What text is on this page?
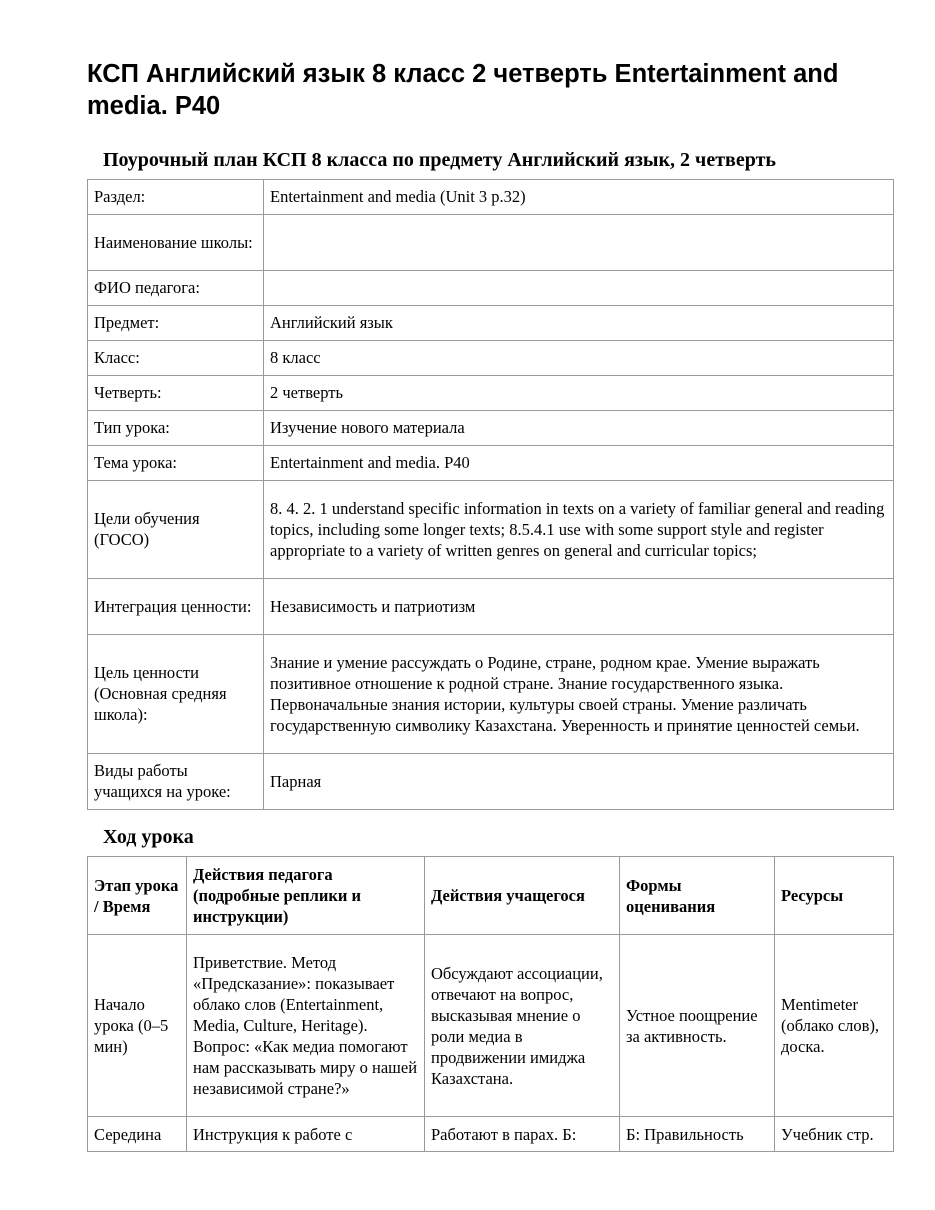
КСП Английский язык 8 класс 2 четверть Entertainment and media. P40
Поурочный план КСП 8 класса по предмету Английский язык, 2 четверть
Раздел:	Entertainment and media (Unit 3 p.32)
Наименование школы:	
ФИО педагога:	
Предмет:	Английский язык
Класс:	8 класс
Четверть:	2 четверть
Тип урока:	Изучение нового материала
Тема урока:	Entertainment and media. P40
Цели обучения (ГОСО)	8. 4. 2. 1 understand specific information in texts on a variety of familiar general and reading topics, including some longer texts; 8.5.4.1 use with some support style and register appropriate to a variety of written genres on general and curricular topics;
Интеграция ценности:	Независимость и патриотизм
Цель ценности (Основная средняя школа):	Знание и умение рассуждать о Родине, стране, родном крае. Умение выражать позитивное отношение к родной стране. Знание государственного языка. Первоначальные знания истории, культуры своей страны. Умение различать государственную символику Казахстана. Уверенность и принятие ценностей семьи.
Виды работы учащихся на уроке:	Парная
Ход урока
Этап урока / Время	Действия педагога (подробные реплики и инструкции)	Действия учащегося	Формы оценивания	Ресурсы
Начало урока (0–5 мин)	Приветствие. Метод «Предсказание»: показывает облако слов (Entertainment, Media, Culture, Heritage). Вопрос: «Как медиа помогают нам рассказывать миру о нашей независимой стране?»	Обсуждают ассоциации, отвечают на вопрос, высказывая мнение о роли медиа в продвижении имиджа Казахстана.	Устное поощрение за активность.	Mentimeter (облако слов), доска.
Середина	Инструкция к работе с	Работают в парах. Б:	Б: Правильность	Учебник стр.
